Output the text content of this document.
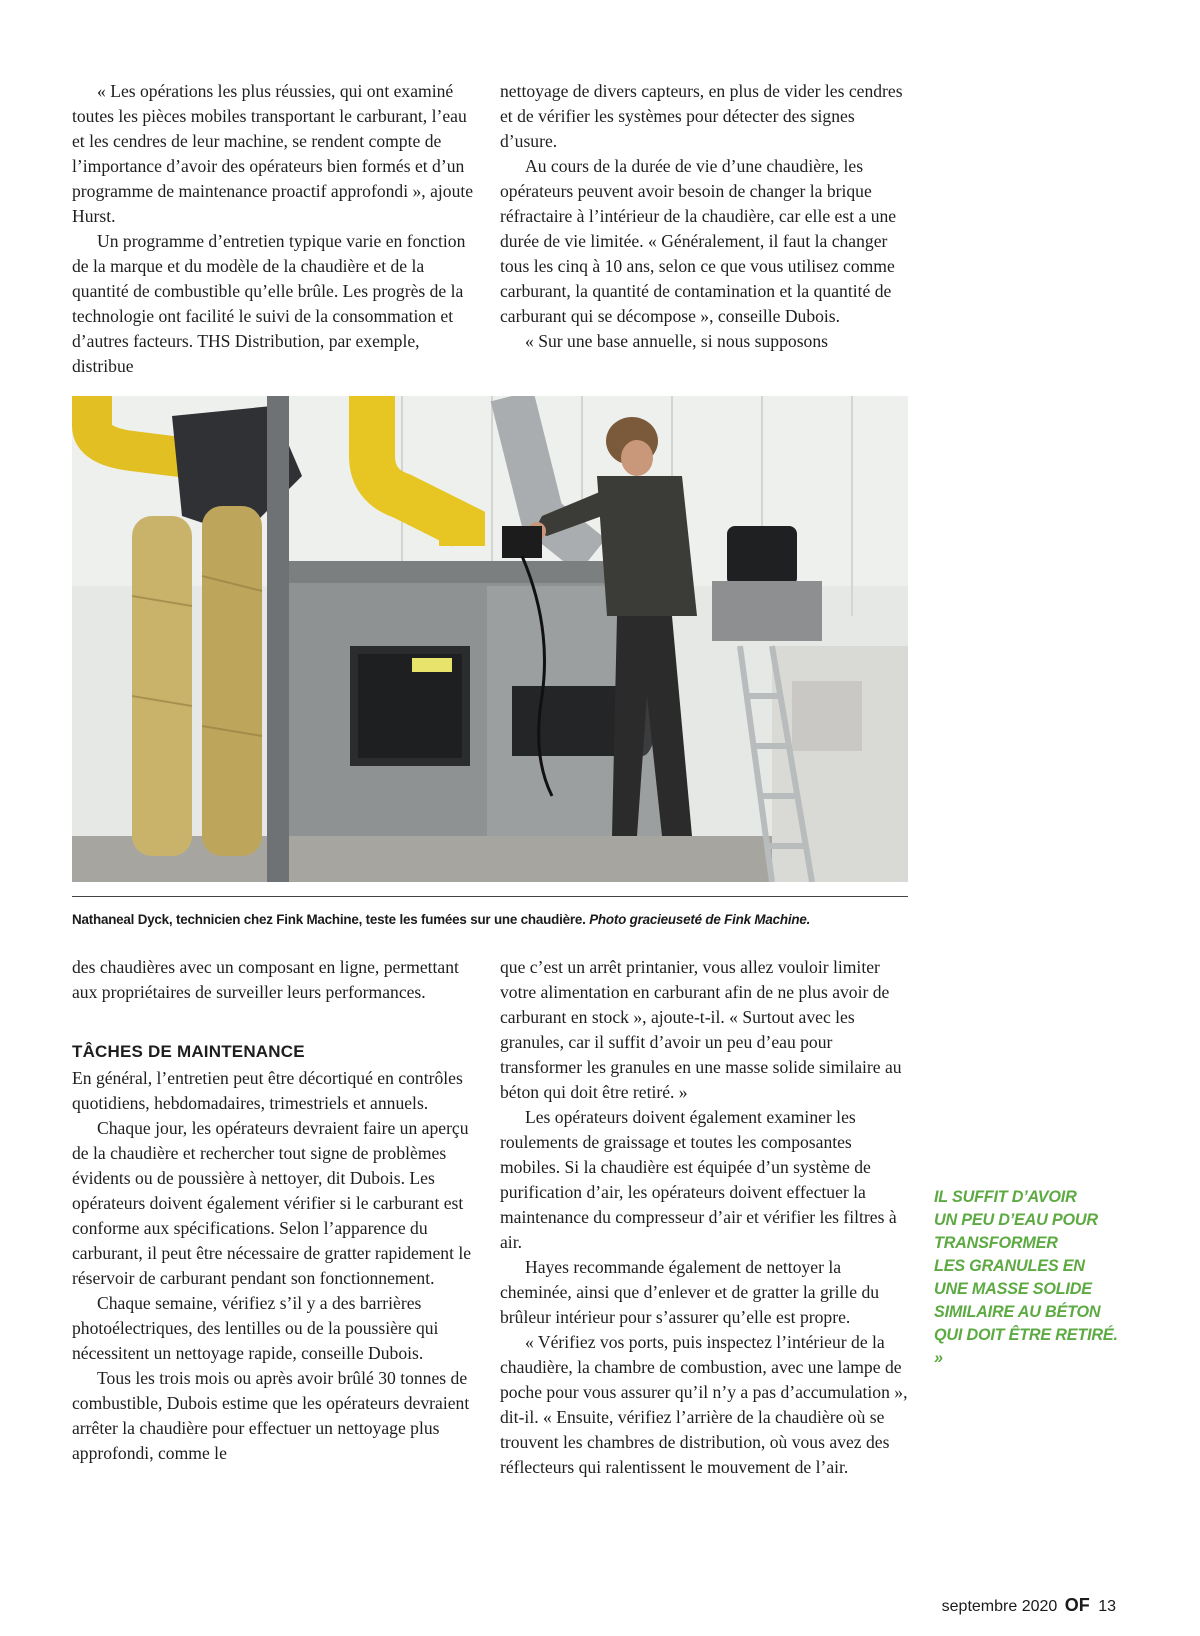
« Les opérations les plus réussies, qui ont examiné toutes les pièces mobiles transportant le carburant, l’eau et les cendres de leur machine, se rendent compte de l’importance d’avoir des opérateurs bien formés et d’un programme de maintenance proactif approfondi », ajoute Hurst.

Un programme d’entretien typique varie en fonction de la marque et du modèle de la chaudière et de la quantité de combustible qu’elle brûle. Les progrès de la technologie ont facilité le suivi de la consommation et d’autres facteurs. THS Distribution, par exemple, distribue

nettoyage de divers capteurs, en plus de vider les cendres et de vérifier les systèmes pour détecter des signes d’usure.

Au cours de la durée de vie d’une chaudière, les opérateurs peuvent avoir besoin de changer la brique réfractaire à l’intérieur de la chaudière, car elle est a une durée de vie limitée. « Généralement, il faut la changer tous les cinq à 10 ans, selon ce que vous utilisez comme carburant, la quantité de contamination et la quantité de carburant qui se décompose », conseille Dubois.

« Sur une base annuelle, si nous supposons

Nathaneal Dyck, technicien chez Fink Machine, teste les fumées sur une chaudière. Photo gracieuseté de Fink Machine.

des chaudières avec un composant en ligne, permettant aux propriétaires de surveiller leurs performances.

TÂCHES DE MAINTENANCE

En général, l’entretien peut être décortiqué en contrôles quotidiens, hebdomadaires, trimestriels et annuels.

Chaque jour, les opérateurs devraient faire un aperçu de la chaudière et rechercher tout signe de problèmes évidents ou de poussière à nettoyer, dit Dubois. Les opérateurs doivent également vérifier si le carburant est conforme aux spécifications. Selon l’apparence du carburant, il peut être nécessaire de gratter rapidement le réservoir de carburant pendant son fonctionnement.

Chaque semaine, vérifiez s’il y a des barrières photoélectriques, des lentilles ou de la poussière qui nécessitent un nettoyage rapide, conseille Dubois.

Tous les trois mois ou après avoir brûlé 30 tonnes de combustible, Dubois estime que les opérateurs devraient arrêter la chaudière pour effectuer un nettoyage plus approfondi, comme le

que c’est un arrêt printanier, vous allez vouloir limiter votre alimentation en carburant afin de ne plus avoir de carburant en stock », ajoute-t-il. « Surtout avec les granules, car il suffit d’avoir un peu d’eau pour transformer les granules en une masse solide similaire au béton qui doit être retiré. »

Les opérateurs doivent également examiner les roulements de graissage et toutes les composantes mobiles. Si la chaudière est équipée d’un système de purification d’air, les opérateurs doivent effectuer la maintenance du compresseur d’air et vérifier les filtres à air.

Hayes recommande également de nettoyer la cheminée, ainsi que d’enlever et de gratter la grille du brûleur intérieur pour s’assurer qu’elle est propre.

« Vérifiez vos ports, puis inspectez l’intérieur de la chaudière, la chambre de combustion, avec une lampe de poche pour vous assurer qu’il n’y a pas d’accumulation », dit-il. « Ensuite, vérifiez l’arrière de la chaudière où se trouvent les chambres de distribution, où vous avez des réflecteurs qui ralentissent le mouvement de l’air.

IL SUFFIT D’AVOIR
UN PEU D’EAU POUR
TRANSFORMER
LES GRANULES EN
UNE MASSE SOLIDE
SIMILAIRE AU BÉTON
QUI DOIT ÊTRE RETIRÉ.
»
septembre 2020 OF 13
